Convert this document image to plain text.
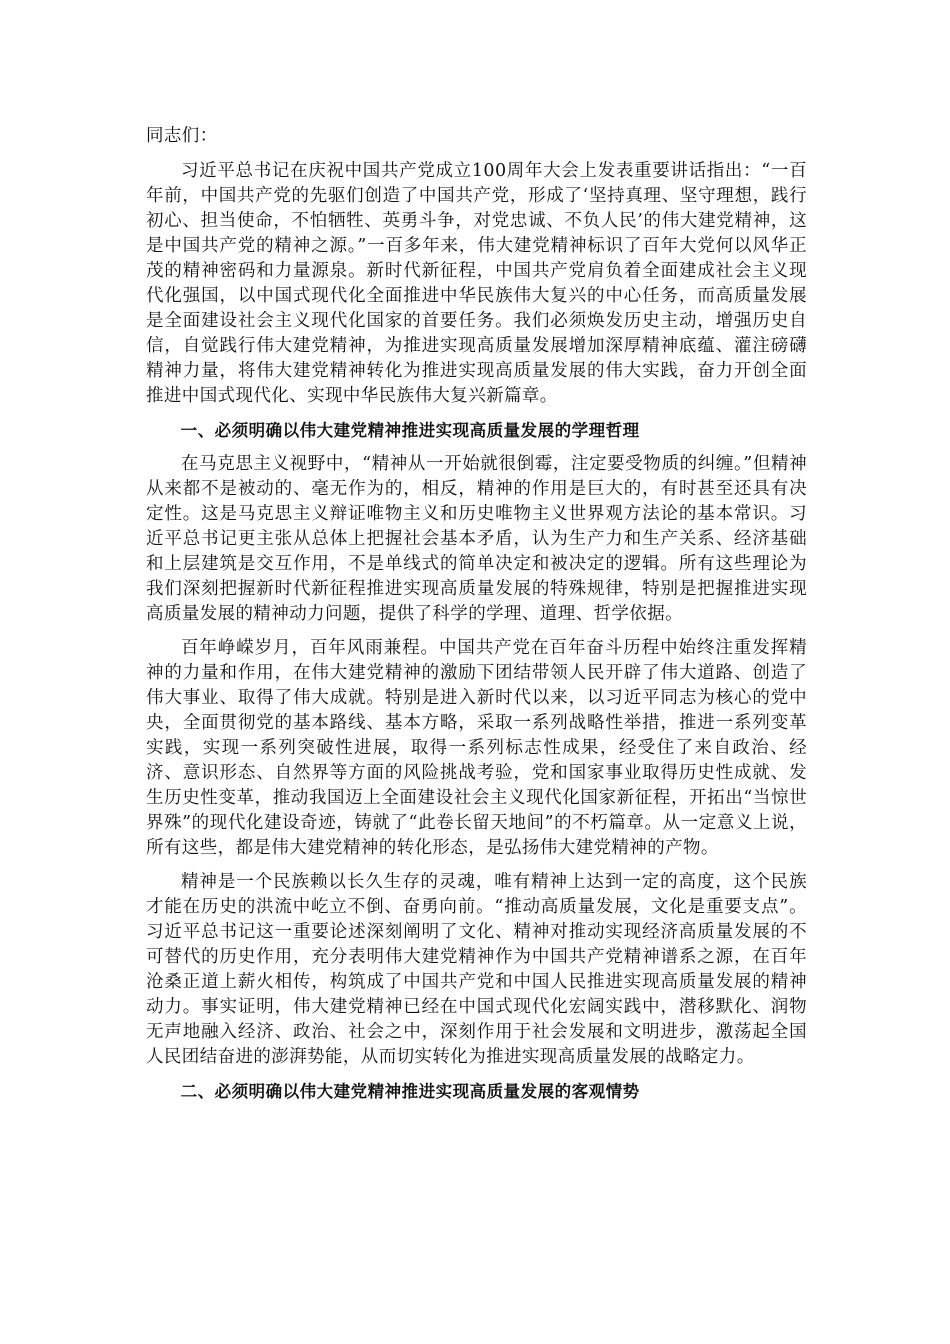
同志们：

习近平总书记在庆祝中国共产党成立100周年大会上发表重要讲话指出：“一百年前，中国共产党的先驱们创造了中国共产党，形成了‘坚持真理、坚守理想，践行初心、担当使命，不怕牺牲、英勇斗争，对党忠诚、不负人民’的伟大建党精神，这是中国共产党的精神之源。”一百多年来，伟大建党精神标识了百年大党何以风华正茂的精神密码和力量源泉。新时代新征程，中国共产党肩负着全面建成社会主义现代化强国，以中国式现代化全面推进中华民族伟大复兴的中心任务，而高质量发展是全面建设社会主义现代化国家的首要任务。我们必须焕发历史主动，增强历史自信，自觉践行伟大建党精神，为推进实现高质量发展增加深厚精神底蕴、灌注磅礴精神力量，将伟大建党精神转化为推进实现高质量发展的伟大实践，奋力开创全面推进中国式现代化、实现中华民族伟大复兴新篇章。

一、必须明确以伟大建党精神推进实现高质量发展的学理哲理

在马克思主义视野中，“精神从一开始就很倒霉，注定要受物质的纠缠。”但精神从来都不是被动的、毫无作为的，相反，精神的作用是巨大的，有时甚至还具有决定性。这是马克思主义辩证唯物主义和历史唯物主义世界观方法论的基本常识。习近平总书记更主张从总体上把握社会基本矛盾，认为生产力和生产关系、经济基础和上层建筑是交互作用，不是单线式的简单决定和被决定的逻辑。所有这些理论为我们深刻把握新时代新征程推进实现高质量发展的特殊规律，特别是把握推进实现高质量发展的精神动力问题，提供了科学的学理、道理、哲学依据。

百年峥嵘岁月，百年风雨兼程。中国共产党在百年奋斗历程中始终注重发挥精神的力量和作用，在伟大建党精神的激励下团结带领人民开辟了伟大道路、创造了伟大事业、取得了伟大成就。特别是进入新时代以来，以习近平同志为核心的党中央，全面贯彻党的基本路线、基本方略，采取一系列战略性举措，推进一系列变革实践，实现一系列突破性进展，取得一系列标志性成果，经受住了来自政治、经济、意识形态、自然界等方面的风险挑战考验，党和国家事业取得历史性成就、发生历史性变革，推动我国迈上全面建设社会主义现代化国家新征程，开拓出“当惊世界殊”的现代化建设奇迹，铸就了“此卷长留天地间”的不朽篇章。从一定意义上说，所有这些，都是伟大建党精神的转化形态，是弘扬伟大建党精神的产物。

精神是一个民族赖以长久生存的灵魂，唯有精神上达到一定的高度，这个民族才能在历史的洪流中屹立不倒、奋勇向前。“推动高质量发展，文化是重要支点”。习近平总书记这一重要论述深刻阐明了文化、精神对推动实现经济高质量发展的不可替代的历史作用，充分表明伟大建党精神作为中国共产党精神谱系之源，在百年沧桑正道上薪火相传，构筑成了中国共产党和中国人民推进实现高质量发展的精神动力。事实证明，伟大建党精神已经在中国式现代化宏阔实践中，潜移默化、润物无声地融入经济、政治、社会之中，深刻作用于社会发展和文明进步，激荡起全国人民团结奋进的澎湃势能，从而切实转化为推进实现高质量发展的战略定力。

二、必须明确以伟大建党精神推进实现高质量发展的客观情势
